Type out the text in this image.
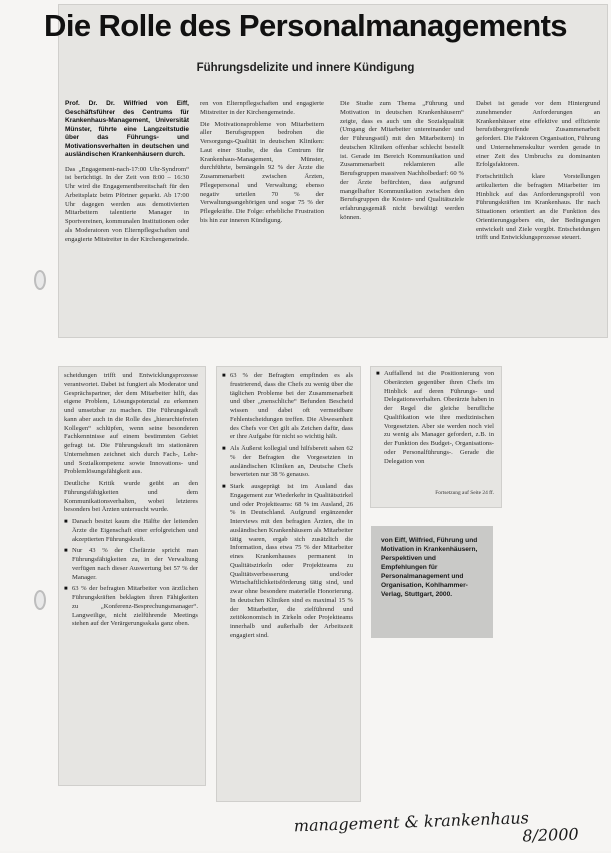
Die Rolle des Personalmanagements
Führungsdelizite und innere Kündigung

Prof. Dr. Dr. Wilfried von Eiff, Geschäftsführer des Centrums für Krankenhaus-Management, Universität Münster, führte eine Langzeitstudie über das Führungs- und Motivationsverhalten in deutschen und ausländischen Krankenhäusern durch.

Das „Engagement-nach-17:00 Uhr-Syndrom“ ist berüchtigt. In der Zeit von 8:00 – 16:30 Uhr wird die Engagementbereitschaft für den Arbeitsplatz beim Pförtner geparkt. Ab 17:00 Uhr dagegen werden aus demotivierten Mitarbeitern talentierte Manager in Sportvereinen, kommunalen Institutionen oder als Moderatoren von Elternpflegschaften und engagierte Mitstreiter in der Kirchengemeinde.

ren von Elternpflegschaften und engagierte Mitstreiter in der Kirchengemeinde.

Die Motivationsprobleme von Mitarbeitern aller Berufsgruppen bedrohen die Versorgungs-Qualität in deutschen Kliniken: Laut einer Studie, die das Centrum für Krankenhaus-Management, Münster, durchführte, bemängeln 92 % der Ärzte die Zusammenarbeit zwischen Ärzten, Pflegepersonal und Verwaltung; ebenso negativ urteilen 70 % der Verwaltungsangehörigen und sogar 75 % der Pflegekräfte. Die Folge: erhebliche Frustration bis hin zur inneren Kündigung.

Die Studie zum Thema „Führung und Motivation in deutschen Krankenhäusern“ zeigte, dass es auch um die Sozialqualität (Umgang der Mitarbeiter untereinander und der Führungsstil) mit den Mitarbeitern) in deutschen Kliniken offenbar schlecht bestellt ist. Gerade im Bereich Kommunikation und Zusammenarbeit reklamieren alle Berufsgruppen massiven Nachholbedarf: 60 % der Ärzte befürchten, dass aufgrund mangelhafter Kommunikation zwischen den Berufsgruppen die Kosten- und Qualitätsziele erfahrungsgemäß nicht bewältigt werden können.

Dabei ist gerade vor dem Hintergrund zunehmender Anforderungen an Krankenhäuser eine effektive und effiziente berufsübergreifende Zusammenarbeit gefordert. Die Faktoren Organisation, Führung und Unternehmenskultur werden gerade in einer Zeit des Umbruchs zu dominanten Erfolgsfaktoren.

Fortschrittlich klare Vorstellungen artikulierten die befragten Mitarbeiter im Hinblick auf das Anforderungsprofil von Führungskräften im Krankenhaus. Ihr nach Situationen orientiert an die Funktion des Orientierungsgebers ein, der Bedingungen entwickelt und Ziele vorgibt. Entscheidungen trifft und Entwicklungsprozesse steuert.

scheidungen trifft und Entwicklungsprozesse verantwortet. Dabei ist fungiert als Moderator und Gesprächspartner, der dem Mitarbeiter hilft, das eigene Problem, Lösungspotenzial zu erkennen und umsetzbar zu machen. Die Führungskraft kann aber auch in die Rolle des „hierarchiefreien Kollegen“ schlüpfen, wenn seine besonderen Fachkenntnisse auf einem bestimmten Gebiet gefragt ist. Die Führungskraft im stationären Unternehmen zeichnet sich durch Fach-, Lehr- und Sozialkompetenz sowie Innovations- und Problemlösungsfähigkeit aus.

Deutliche Kritik wurde geübt an den Führungsfähigkeiten und dem Kommunikationsverhalten, wobei letzteres besonders bei Ärzten untersucht wurde.

■ Danach besitzt kaum die Hälfte der leitenden Ärzte die Eigenschaft einer erfolgreichen und akzeptierten Führungskraft.
■ Nur 43 % der Chefärzte spricht man Führungsfähigkeiten zu, in der Verwaltung verfügen nach dieser Auswertung bei 57 % der Manager.
■ 63 % der befragten Mitarbeiter von ärztlichen Führungskräften beklagten ihren Fähigkeiten zu „Konferenz-Besprechungsmanager“. Langweilige, nicht zielführende Meetings stehen auf der Verärgerungsskala ganz oben.
■ 63 % der Befragten empfinden es als frustrierend, dass die Chefs zu wenig über die täglichen Probleme bei der Zusammenarbeit und über „menschliche“ Befunden Bescheid wissen und dabei oft vermeidbare Fehlentscheidungen treffen. Die Abwesenheit des Chefs vor Ort gilt als Zeichen dafür, dass er ihre Aufgabe für nicht so wichtig hält.
■ Als Äußerst kollegial und hilfsbereit sahen 62 % der Befragten die Vorgesetzten in ausländischen Kliniken an, Deutsche Chefs bewerteten nur 38 % genauso.
■ Stark ausgeprägt ist im Ausland das Engagement zur Wiederkehr in Qualitätszirkel und oder Projektteams: 68 % im Ausland, 26 % in Deutschland. Aufgrund ergänzender Interviews mit den befragten Ärzten, die in ausländischen Krankenhäusern als Mitarbeiter tätig waren, ergab sich zusätzlich die Information, dass etwa 75 % der Mitarbeiter eines Krankenhauses permanent in Qualitätszirkeln oder Projektteams zu Qualitätsverbesserung und/oder Wirtschaftlichkeitsförderung tätig sind, und zwar ohne besondere materielle Honorierung. In deutschen Kliniken sind es maximal 15 % der Mitarbeiter, die zielführend und zeitökonomisch in Zirkeln oder Projektteams innerhalb und außerhalb der Arbeitszeit engagiert sind.
■ Auffallend ist die Positionierung von Oberärzten gegenüber ihren Chefs im Hinblick auf deren Führungs- und Delegationsverhalten. Oberärzte haben in der Regel die gleiche berufliche Qualifikation wie ihre medizinischen Vorgesetzten. Aber sie werden noch viel zu wenig als Manager gefordert, z.B. in der Funktion des Budget-, Organisations- oder Personalführungs-. Gerade die Delegation von
Fortsetzung auf Seite 24 ff.
von Eiff, Wilfried, Führung und Motivation in Krankenhäusern, Perspektiven und Empfehlungen für Personalmanagement und Organisation, Kohlhammer-Verlag, Stuttgart, 2000.
management & krankenhaus
8/2000
